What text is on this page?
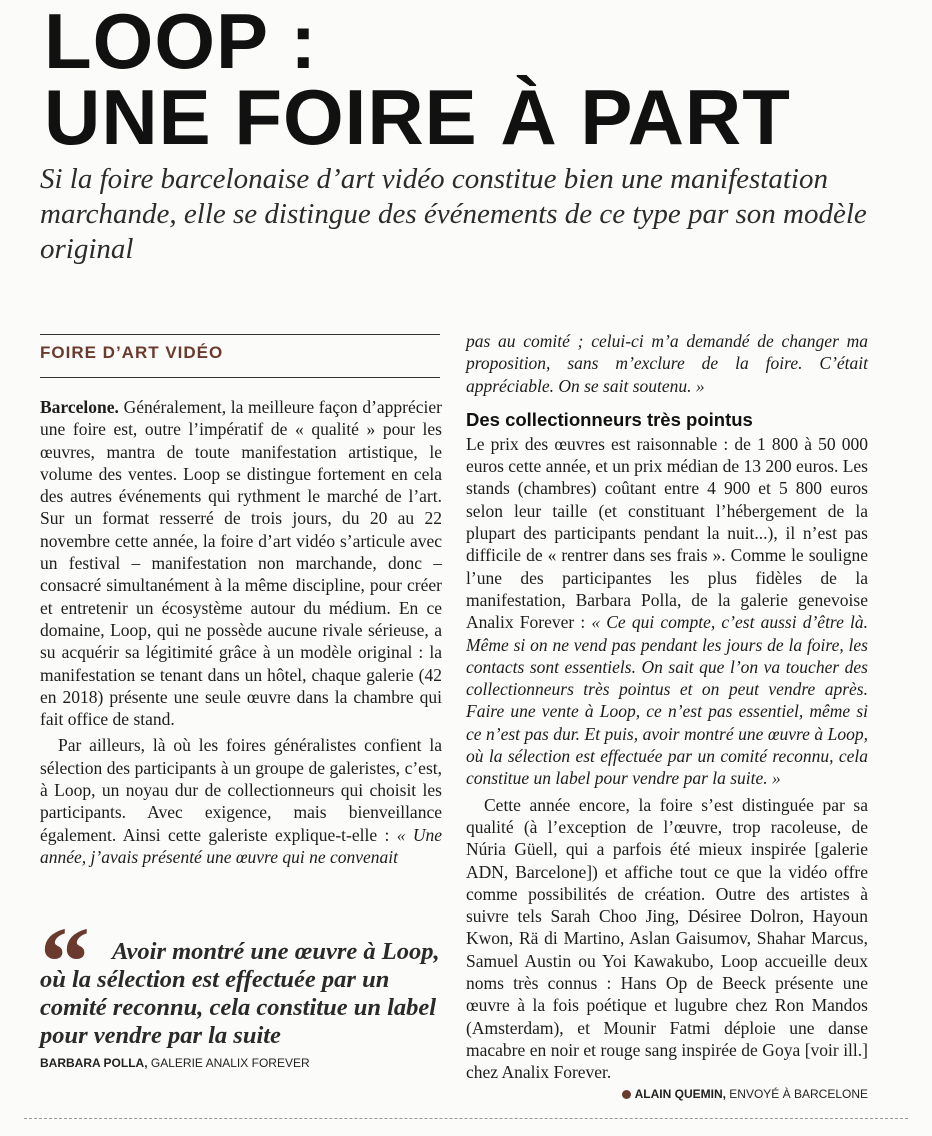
LOOP :
UNE FOIRE À PART

Si la foire barcelonaise d’art vidéo constitue bien une manifestation marchande, elle se distingue des événements de ce type par son modèle original

FOIRE D’ART VIDÉO

Barcelone. Généralement, la meilleure façon d’apprécier une foire est, outre l’impératif de « qualité » pour les œuvres, mantra de toute manifestation artistique, le volume des ventes. Loop se distingue fortement en cela des autres événements qui rythment le marché de l’art. Sur un format resserré de trois jours, du 20 au 22 novembre cette année, la foire d’art vidéo s’articule avec un festival – manifestation non marchande, donc – consacré simultanément à la même discipline, pour créer et entretenir un écosystème autour du médium. En ce domaine, Loop, qui ne possède aucune rivale sérieuse, a su acquérir sa légitimité grâce à un modèle original : la manifestation se tenant dans un hôtel, chaque galerie (42 en 2018) présente une seule œuvre dans la chambre qui fait office de stand.

Par ailleurs, là où les foires généralistes confient la sélection des participants à un groupe de galeristes, c’est, à Loop, un noyau dur de collectionneurs qui choisit les participants. Avec exigence, mais bienveillance également. Ainsi cette galeriste explique-t-elle : « Une année, j’avais présenté une œuvre qui ne convenait

“ Avoir montré une œuvre à Loop, où la sélection est effectuée par un comité reconnu, cela constitue un label pour vendre par la suite

BARBARA POLLA, GALERIE ANALIX FOREVER

pas au comité ; celui-ci m’a demandé de changer ma proposition, sans m’exclure de la foire. C’était appréciable. On se sait soutenu. »

Des collectionneurs très pointus

Le prix des œuvres est raisonnable : de 1 800 à 50 000 euros cette année, et un prix médian de 13 200 euros. Les stands (chambres) coûtant entre 4 900 et 5 800 euros selon leur taille (et constituant l’hébergement de la plupart des participants pendant la nuit...), il n’est pas difficile de « rentrer dans ses frais ». Comme le souligne l’une des participantes les plus fidèles de la manifestation, Barbara Polla, de la galerie genevoise Analix Forever : « Ce qui compte, c’est aussi d’être là. Même si on ne vend pas pendant les jours de la foire, les contacts sont essentiels. On sait que l’on va toucher des collectionneurs très pointus et on peut vendre après. Faire une vente à Loop, ce n’est pas essentiel, même si ce n’est pas dur. Et puis, avoir montré une œuvre à Loop, où la sélection est effectuée par un comité reconnu, cela constitue un label pour vendre par la suite. »

Cette année encore, la foire s’est distinguée par sa qualité (à l’exception de l’œuvre, trop racoleuse, de Núria Güell, qui a parfois été mieux inspirée [galerie ADN, Barcelone]) et affiche tout ce que la vidéo offre comme possibilités de création. Outre des artistes à suivre tels Sarah Choo Jing, Désiree Dolron, Hayoun Kwon, Rä di Martino, Aslan Gaisumov, Shahar Marcus, Samuel Austin ou Yoi Kawakubo, Loop accueille deux noms très connus : Hans Op de Beeck présente une œuvre à la fois poétique et lugubre chez Ron Mandos (Amsterdam), et Mounir Fatmi déploie une danse macabre en noir et rouge sang inspirée de Goya [voir ill.] chez Analix Forever.

ALAIN QUEMIN, ENVOYÉ À BARCELONE
